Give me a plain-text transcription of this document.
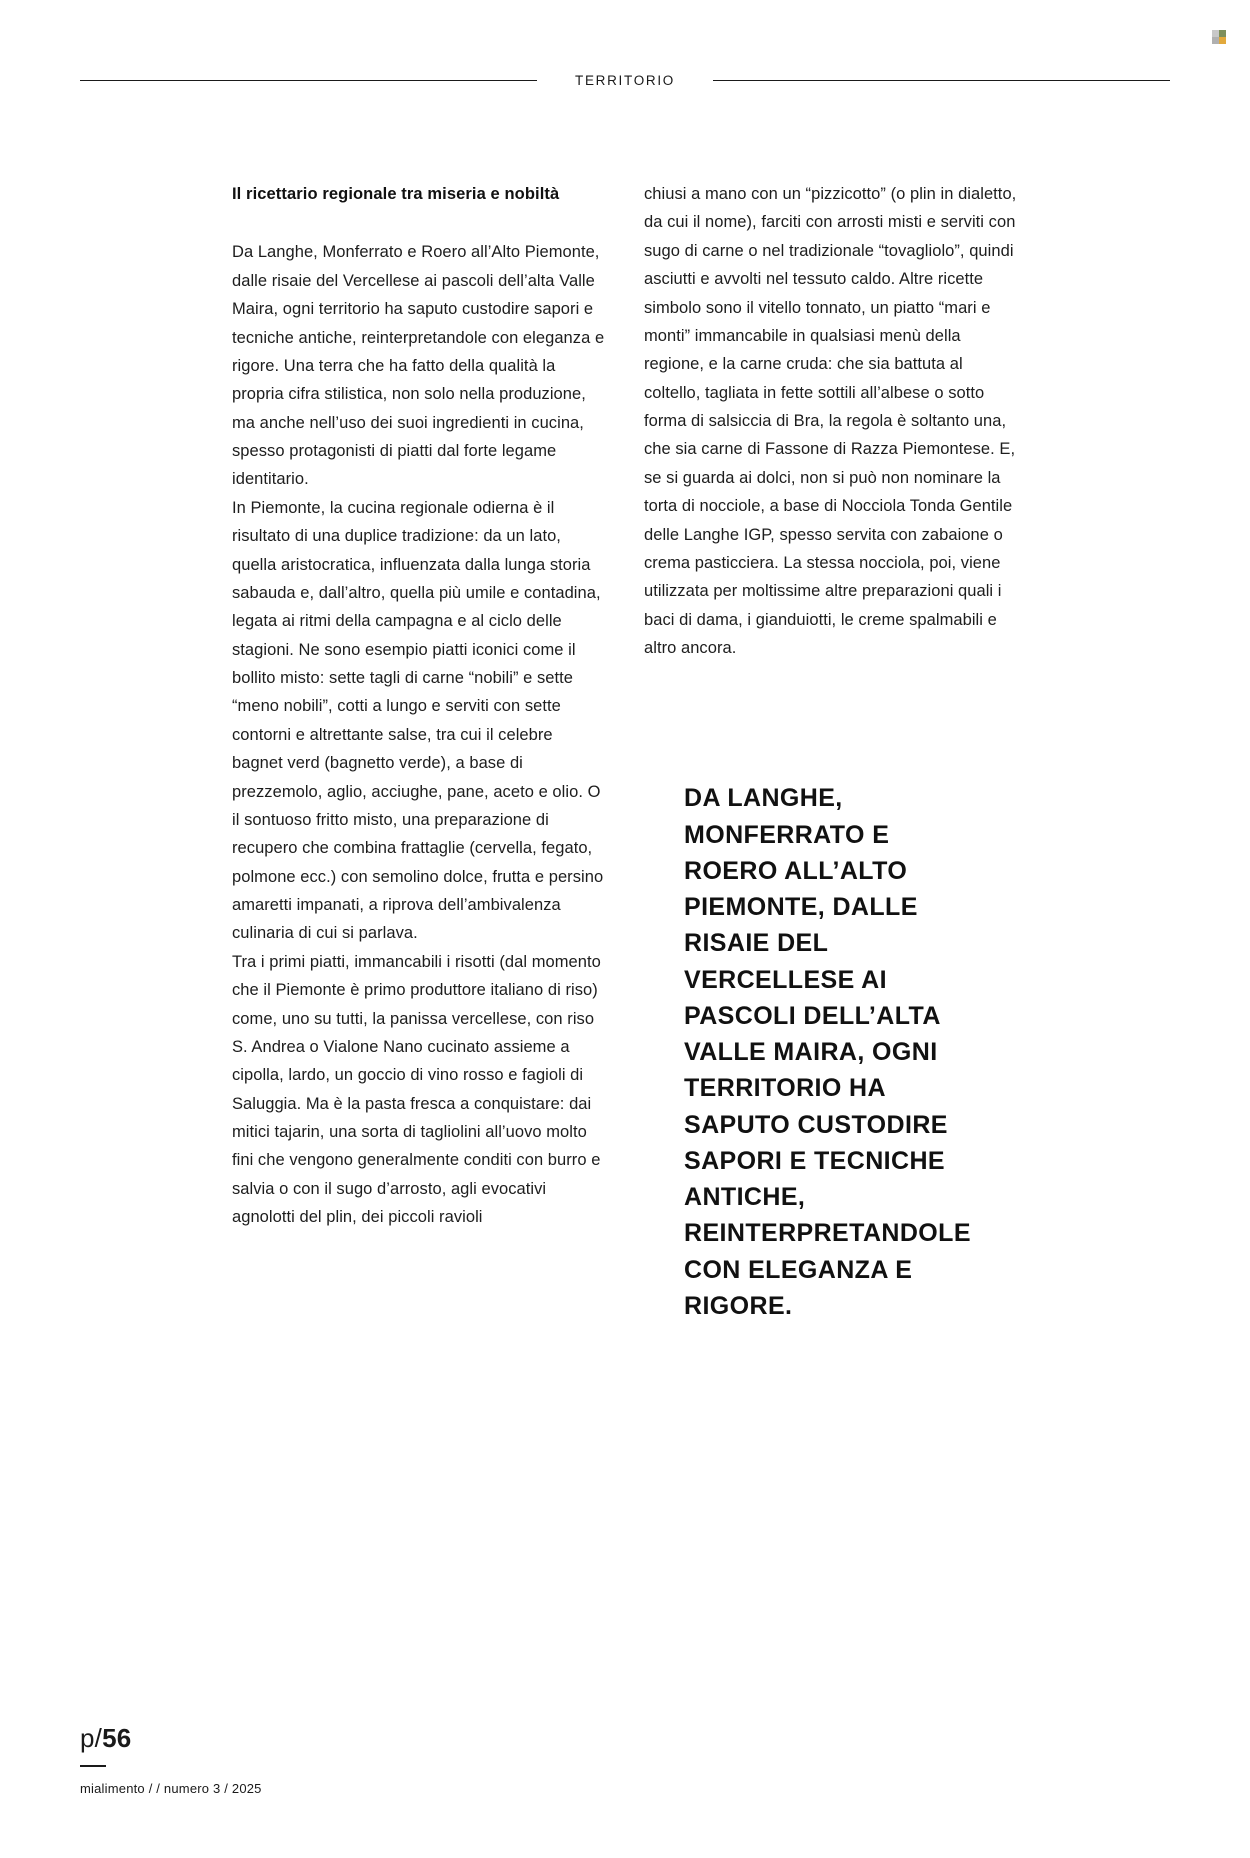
TERRITORIO
Il ricettario regionale tra miseria e nobiltà

Da Langhe, Monferrato e Roero all’Alto Piemonte, dalle risaie del Vercellese ai pascoli dell’alta Valle Maira, ogni territorio ha saputo custodire sapori e tecniche antiche, reinterpretandole con eleganza e rigore. Una terra che ha fatto della qualità la propria cifra stilistica, non solo nella produzione, ma anche nell’uso dei suoi ingredienti in cucina, spesso protagonisti di piatti dal forte legame identitario.

In Piemonte, la cucina regionale odierna è il risultato di una duplice tradizione: da un lato, quella aristocratica, influenzata dalla lunga storia sabauda e, dall’altro, quella più umile e contadina, legata ai ritmi della campagna e al ciclo delle stagioni. Ne sono esempio piatti iconici come il bollito misto: sette tagli di carne “nobili” e sette “meno nobili”, cotti a lungo e serviti con sette contorni e altrettante salse, tra cui il celebre bagnet verd (bagnetto verde), a base di prezzemolo, aglio, acciughe, pane, aceto e olio. O il sontuoso fritto misto, una preparazione di recupero che combina frattaglie (cervella, fegato, polmone ecc.) con semolino dolce, frutta e persino amaretti impanati, a riprova dell’ambivalenza culinaria di cui si parlava.

Tra i primi piatti, immancabili i risotti (dal momento che il Piemonte è primo produttore italiano di riso) come, uno su tutti, la panissa vercellese, con riso S. Andrea o Vialone Nano cucinato assieme a cipolla, lardo, un goccio di vino rosso e fagioli di Saluggia. Ma è la pasta fresca a conquistare: dai mitici tajarin, una sorta di tagliolini all’uovo molto fini che vengono generalmente conditi con burro e salvia o con il sugo d’arrosto, agli evocativi agnolotti del plin, dei piccoli ravioli

chiusi a mano con un “pizzicotto” (o plin in dialetto, da cui il nome), farciti con arrosti misti e serviti con sugo di carne o nel tradizionale “tovagliolo”, quindi asciutti e avvolti nel tessuto caldo. Altre ricette simbolo sono il vitello tonnato, un piatto “mari e monti” immancabile in qualsiasi menù della regione, e la carne cruda: che sia battuta al coltello, tagliata in fette sottili all’albese o sotto forma di salsiccia di Bra, la regola è soltanto una, che sia carne di Fassone di Razza Piemontese. E, se si guarda ai dolci, non si può non nominare la torta di nocciole, a base di Nocciola Tonda Gentile delle Langhe IGP, spesso servita con zabaione o crema pasticciera. La stessa nocciola, poi, viene utilizzata per moltissime altre preparazioni quali i baci di dama, i gianduiotti, le creme spalmabili e altro ancora.

DA LANGHE, MONFERRATO E ROERO ALL’ALTO PIEMONTE, DALLE RISAIE DEL VERCELLESE AI PASCOLI DELL’ALTA VALLE MAIRA, OGNI TERRITORIO HA SAPUTO CUSTODIRE SAPORI E TECNICHE ANTICHE, REINTERPRETANDOLE CON ELEGANZA E RIGORE.
p/56
mialimento / / numero 3 / 2025
